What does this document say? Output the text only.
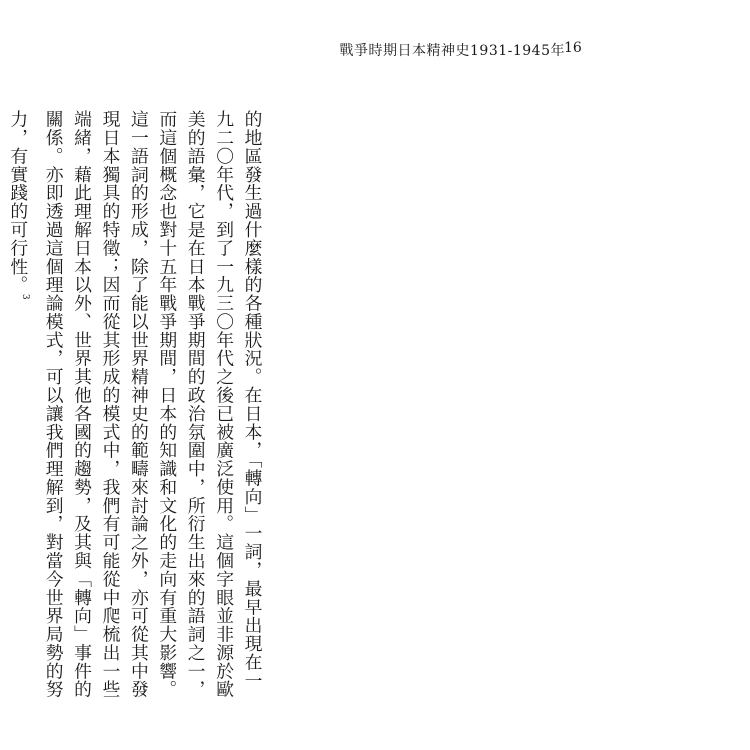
戰爭時期日本精神史1931-1945年 16

的地區發生過什麼樣的各種狀況。在日本，「轉向」一詞，最早出現在一九二〇年代，到了一九三〇年代之後已被廣泛使用。這個字眼並非源於歐美的語彙，它是在日本戰爭期間的政治氛圍中，所衍生出來的語詞之一，而這個概念也對十五年戰爭期間，日本的知識和文化的走向有重大影響。這一語詞的形成，除了能以世界精神史的範疇來討論之外，亦可從其中發現日本獨具的特徵；因而從其形成的模式中，我們有可能從中爬梳出一些端緒，藉此理解日本以外、世界其他各國的趨勢，及其與「轉向」事件的關係。亦即透過這個理論模式，可以讓我們理解到，對當今世界局勢的努力，有實踐的可行性。$^3$
